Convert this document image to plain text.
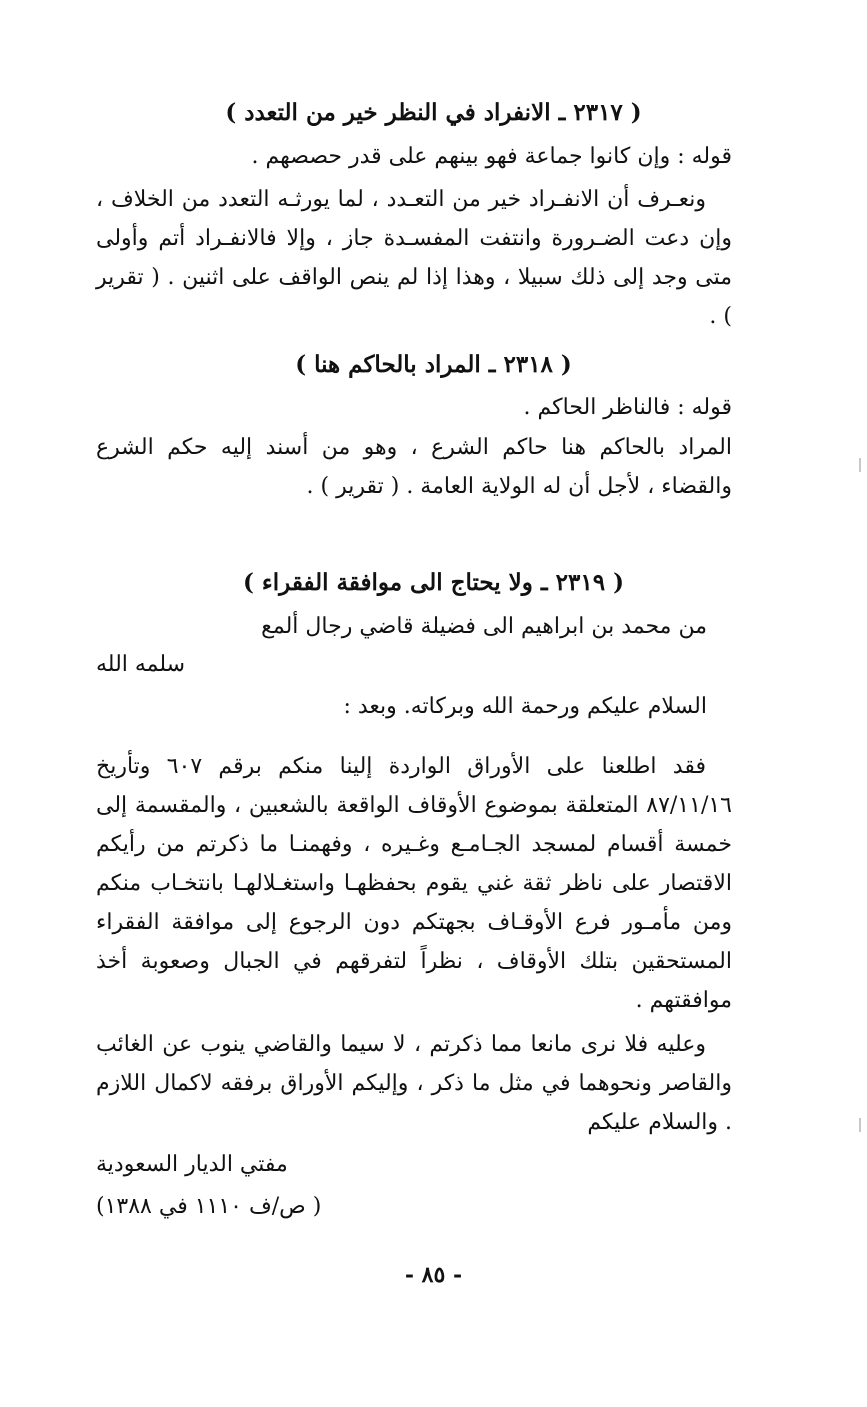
( ٢٣١٧ ـ الانفراد في النظر خير من التعدد )
قوله : وإن كانوا جماعة فهو بينهم على قدر حصصهم .
ونعـرف أن الانفـراد خير من التعـدد ، لما يورثـه التعدد من الخلاف ، وإن دعت الضـرورة وانتفت المفسـدة جاز ، وإلا فالانفـراد أتم وأولى متى وجد إلى ذلك سبيلا ، وهذا إذا لم ينص الواقف على اثنين . ( تقرير ) .
( ٢٣١٨ ـ المراد بالحاكم هنا )
قوله : فالناظر الحاكم .
المراد بالحاكم هنا حاكم الشرع ، وهو من أسند إليه حكم الشرع والقضاء ، لأجل أن له الولاية العامة . ( تقرير ) .
( ٢٣١٩ ـ ولا يحتاج الى موافقة الفقراء )
من محمد بن ابراهيم الى فضيلة قاضي رجال ألمع
سلمه الله
السلام عليكم ورحمة الله وبركاته. وبعد :
فقد اطلعنا على الأوراق الواردة إلينا منكم برقم ٦٠٧ وتأريخ ٨٧/١١/١٦ المتعلقة بموضوع الأوقاف الواقعة بالشعبين ، والمقسمة إلى خمسة أقسام لمسجد الجـامـع وغـيره ، وفهمنـا ما ذكرتم من رأيكم الاقتصار على ناظر ثقة غني يقوم بحفظهـا واستغـلالهـا بانتخـاب منكم ومن مأمـور فرع الأوقـاف بجهتكم دون الرجوع إلى موافقة الفقراء المستحقين بتلك الأوقاف ، نظراً لتفرقهم في الجبال وصعوبة أخذ موافقتهم .
وعليه فلا نرى مانعا مما ذكرتم ، لا سيما والقاضي ينوب عن الغائب والقاصر ونحوهما في مثل ما ذكر ، وإليكم الأوراق برفقه لاكمال اللازم . والسلام عليكم
مفتي الديار السعودية
( ص/ف ١١١٠ في ١٣٨٨)
- ٨٥ -
